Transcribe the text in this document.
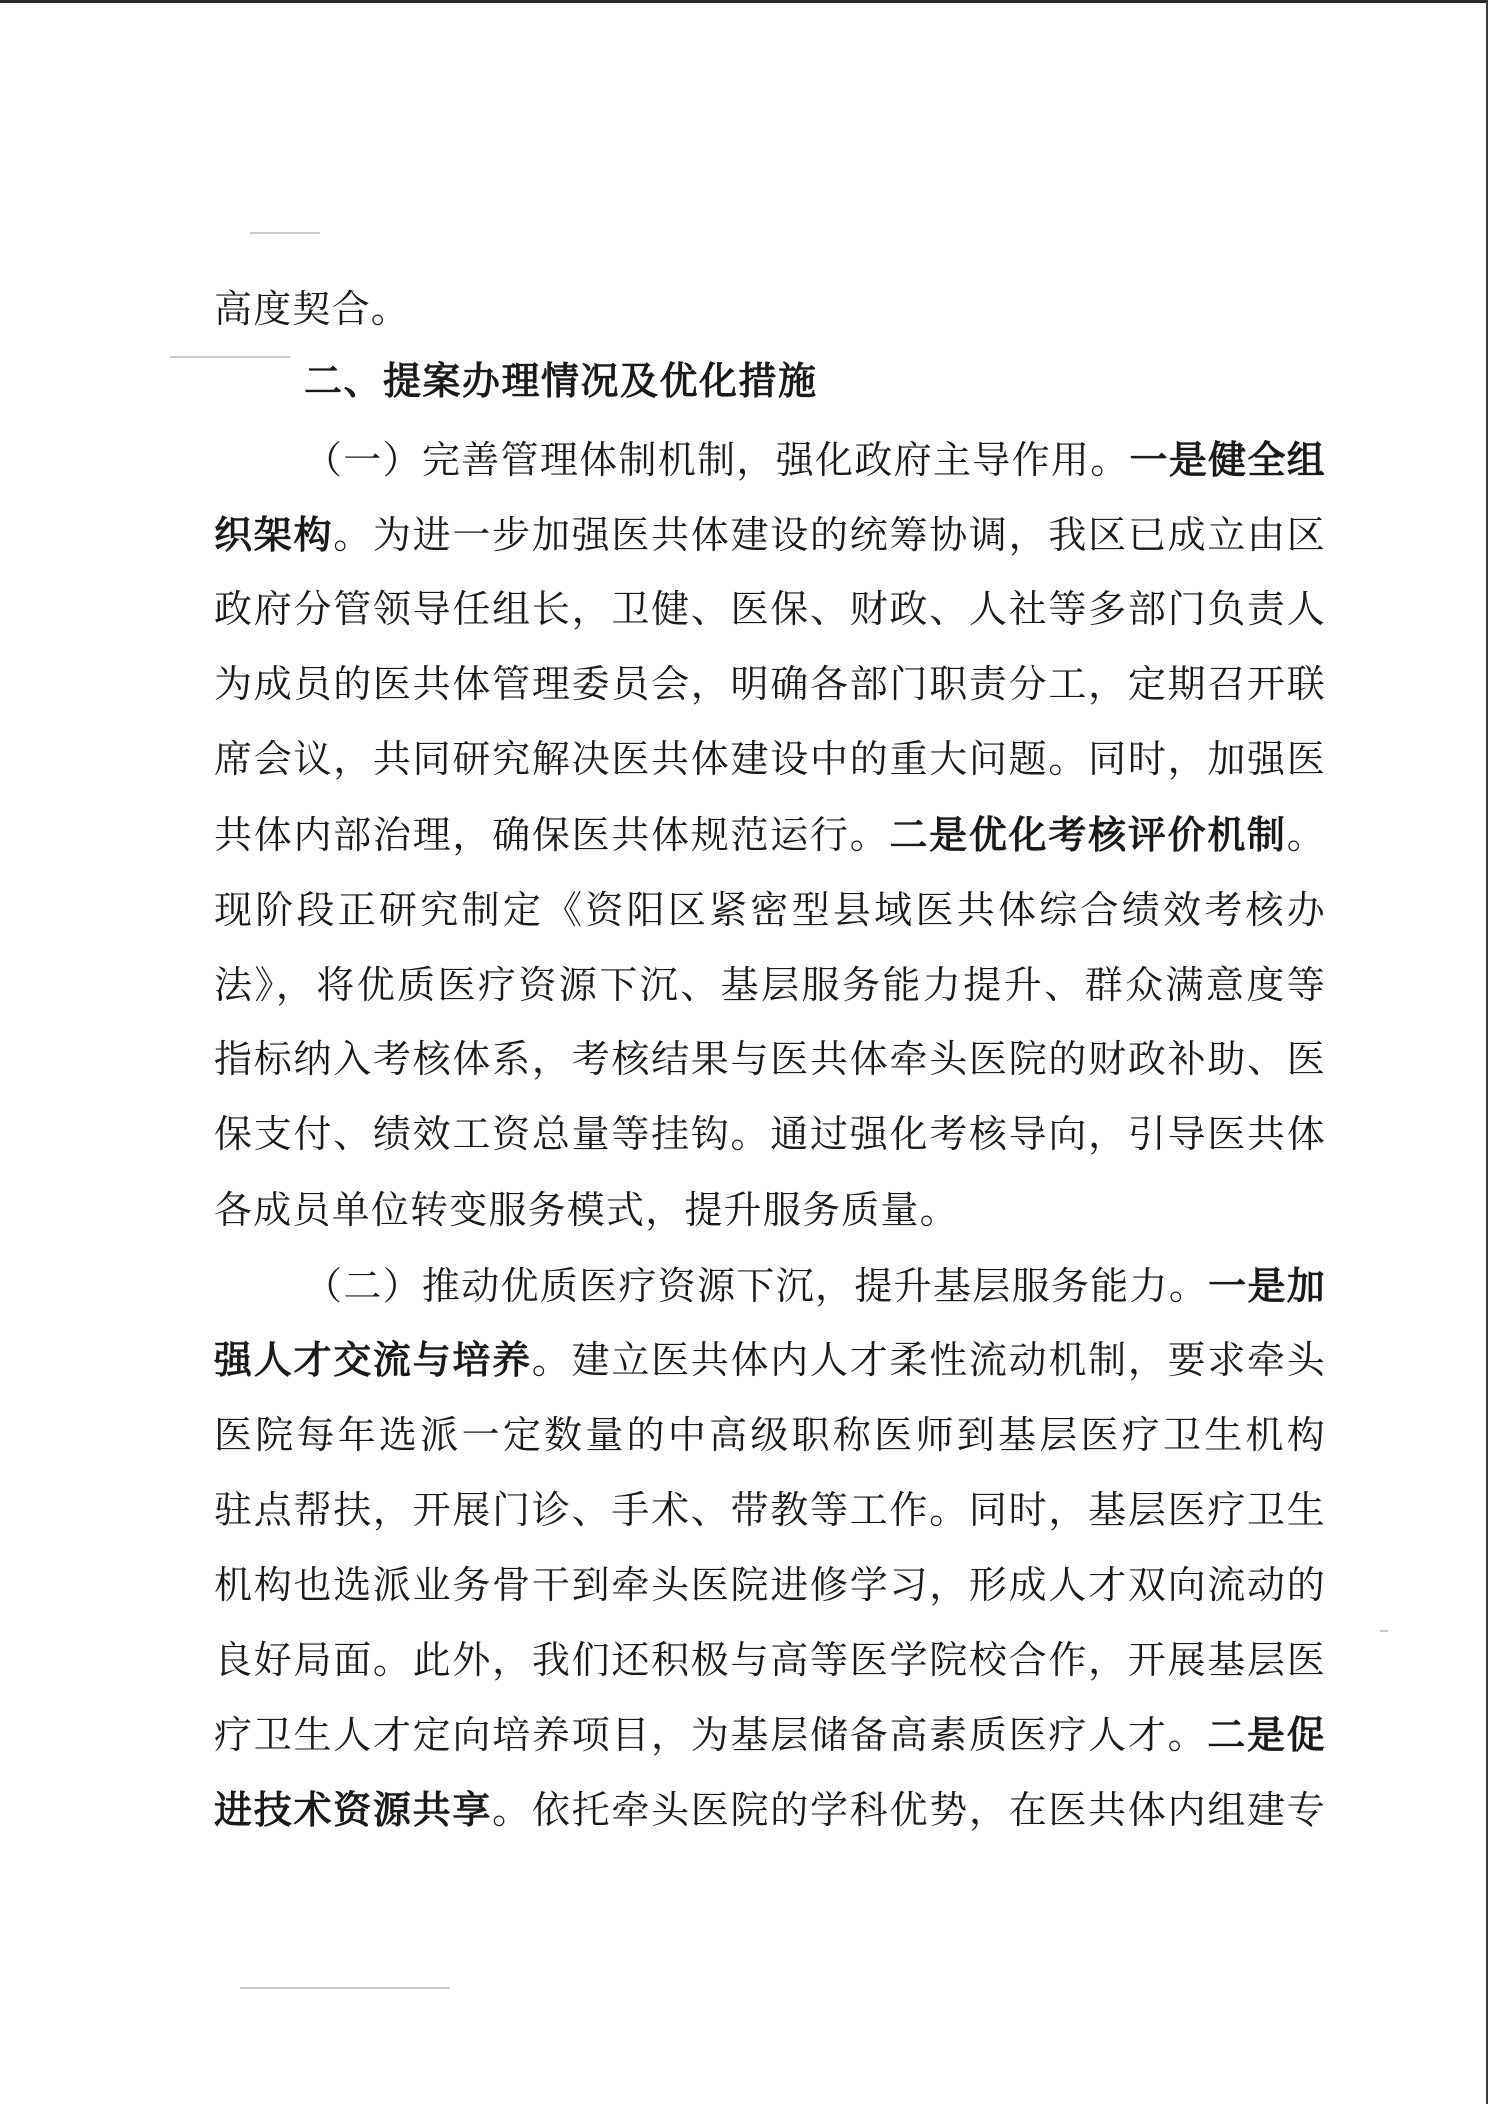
高度契合。
二、提案办理情况及优化措施
（一）完善管理体制机制，强化政府主导作用。一是健全组
织架构。为进一步加强医共体建设的统筹协调，我区已成立由区
政府分管领导任组长，卫健、医保、财政、人社等多部门负责人
为成员的医共体管理委员会，明确各部门职责分工，定期召开联
席会议，共同研究解决医共体建设中的重大问题。同时，加强医
共体内部治理，确保医共体规范运行。二是优化考核评价机制。
现阶段正研究制定《资阳区紧密型县域医共体综合绩效考核办
法》，将优质医疗资源下沉、基层服务能力提升、群众满意度等
指标纳入考核体系，考核结果与医共体牵头医院的财政补助、医
保支付、绩效工资总量等挂钩。通过强化考核导向，引导医共体
各成员单位转变服务模式，提升服务质量。
（二）推动优质医疗资源下沉，提升基层服务能力。一是加
强人才交流与培养。建立医共体内人才柔性流动机制，要求牵头
医院每年选派一定数量的中高级职称医师到基层医疗卫生机构
驻点帮扶，开展门诊、手术、带教等工作。同时，基层医疗卫生
机构也选派业务骨干到牵头医院进修学习，形成人才双向流动的
良好局面。此外，我们还积极与高等医学院校合作，开展基层医
疗卫生人才定向培养项目，为基层储备高素质医疗人才。二是促
进技术资源共享。依托牵头医院的学科优势，在医共体内组建专
